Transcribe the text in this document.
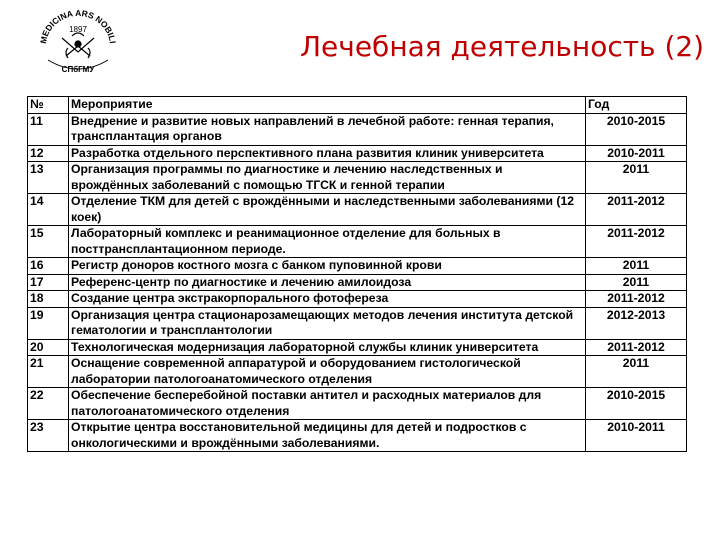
MEDICINA ARS NOBILI
1897
СПбГМУ
Лечебная деятельность (2)
№	Мероприятие	Год
11	Внедрение и развитие новых направлений в лечебной работе: генная терапия, трансплантация органов	2010-2015
12	Разработка отдельного перспективного плана развития клиник университета	2010-2011
13	Организация программы по диагностике и лечению наследственных и врождённых заболеваний с помощью ТГСК и генной терапии	2011
14	Отделение ТКМ для детей с врождёнными и наследственными заболеваниями (12 коек)	2011-2012
15	Лабораторный комплекс и реанимационное отделение для больных в посттрансплантационном периоде.	2011-2012
16	Регистр доноров костного мозга с банком пуповинной крови	2011
17	Референс-центр по диагностике и лечению амилоидоза	2011
18	Создание центра экстракорпорального фотофереза	2011-2012
19	Организация центра стационарозамещающих методов лечения института детской гематологии и трансплантологии	2012-2013
20	Технологическая модернизация лабораторной службы клиник университета	2011-2012
21	Оснащение современной аппаратурой и оборудованием гистологической лаборатории патологоанатомического отделения	2011
22	Обеспечение бесперебойной поставки антител и расходных материалов для патологоанатомического отделения	2010-2015
23	Открытие центра восстановительной медицины для детей и подростков с онкологическими и врождёнными заболеваниями.	2010-2011
